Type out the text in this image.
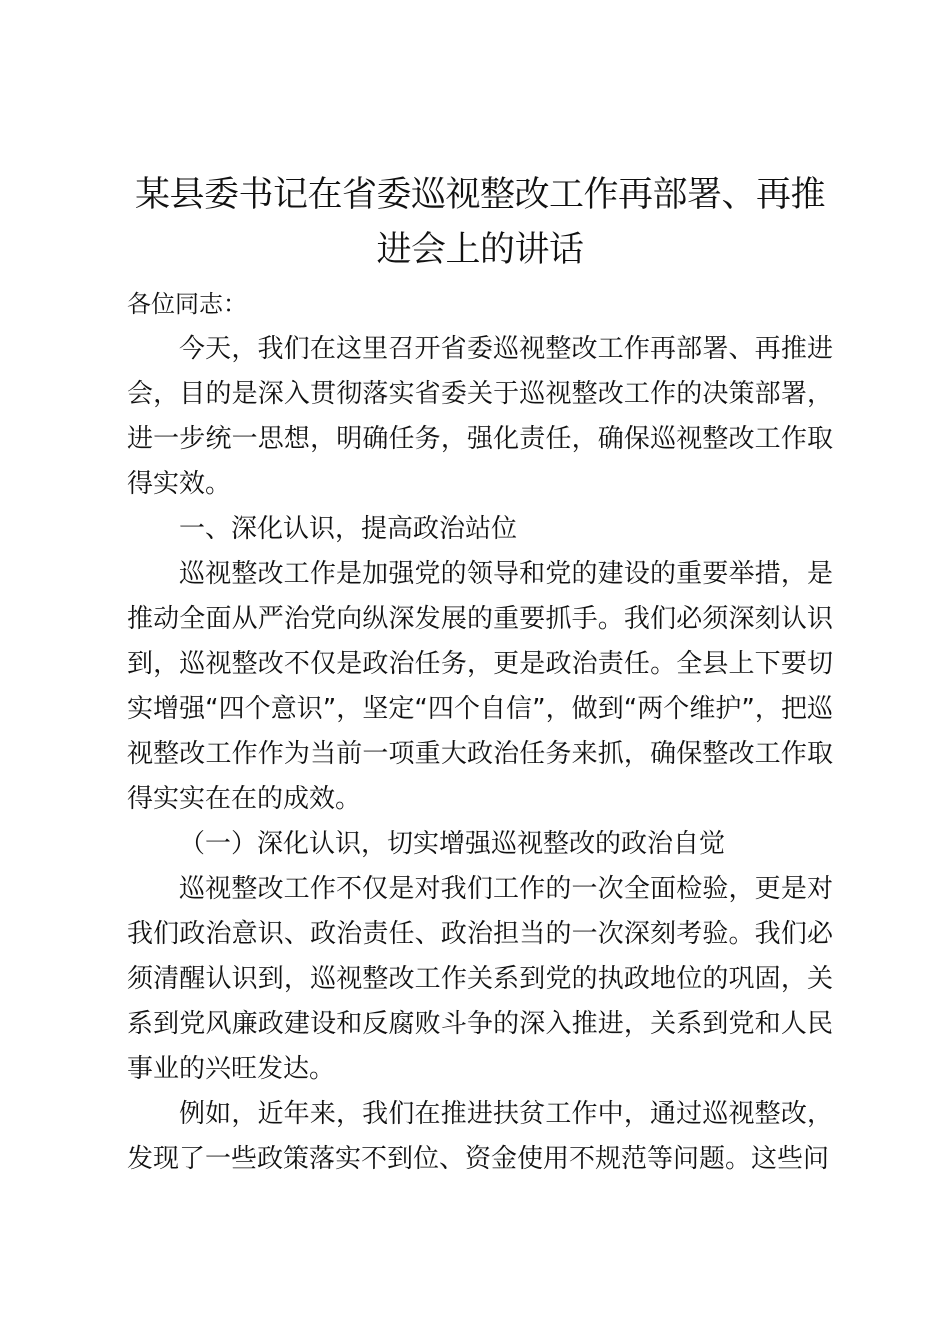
某县委书记在省委巡视整改工作再部署、再推进会上的讲话

各位同志：

今天，我们在这里召开省委巡视整改工作再部署、再推进会，目的是深入贯彻落实省委关于巡视整改工作的决策部署，进一步统一思想，明确任务，强化责任，确保巡视整改工作取得实效。

一、深化认识，提高政治站位

巡视整改工作是加强党的领导和党的建设的重要举措，是推动全面从严治党向纵深发展的重要抓手。我们必须深刻认识到，巡视整改不仅是政治任务，更是政治责任。全县上下要切实增强“四个意识”，坚定“四个自信”，做到“两个维护”，把巡视整改工作作为当前一项重大政治任务来抓，确保整改工作取得实实在在的成效。

（一）深化认识，切实增强巡视整改的政治自觉

巡视整改工作不仅是对我们工作的一次全面检验，更是对我们政治意识、政治责任、政治担当的一次深刻考验。我们必须清醒认识到，巡视整改工作关系到党的执政地位的巩固，关系到党风廉政建设和反腐败斗争的深入推进，关系到党和人民事业的兴旺发达。

例如，近年来，我们在推进扶贫工作中，通过巡视整改，发现了一些政策落实不到位、资金使用不规范等问题。这些问
